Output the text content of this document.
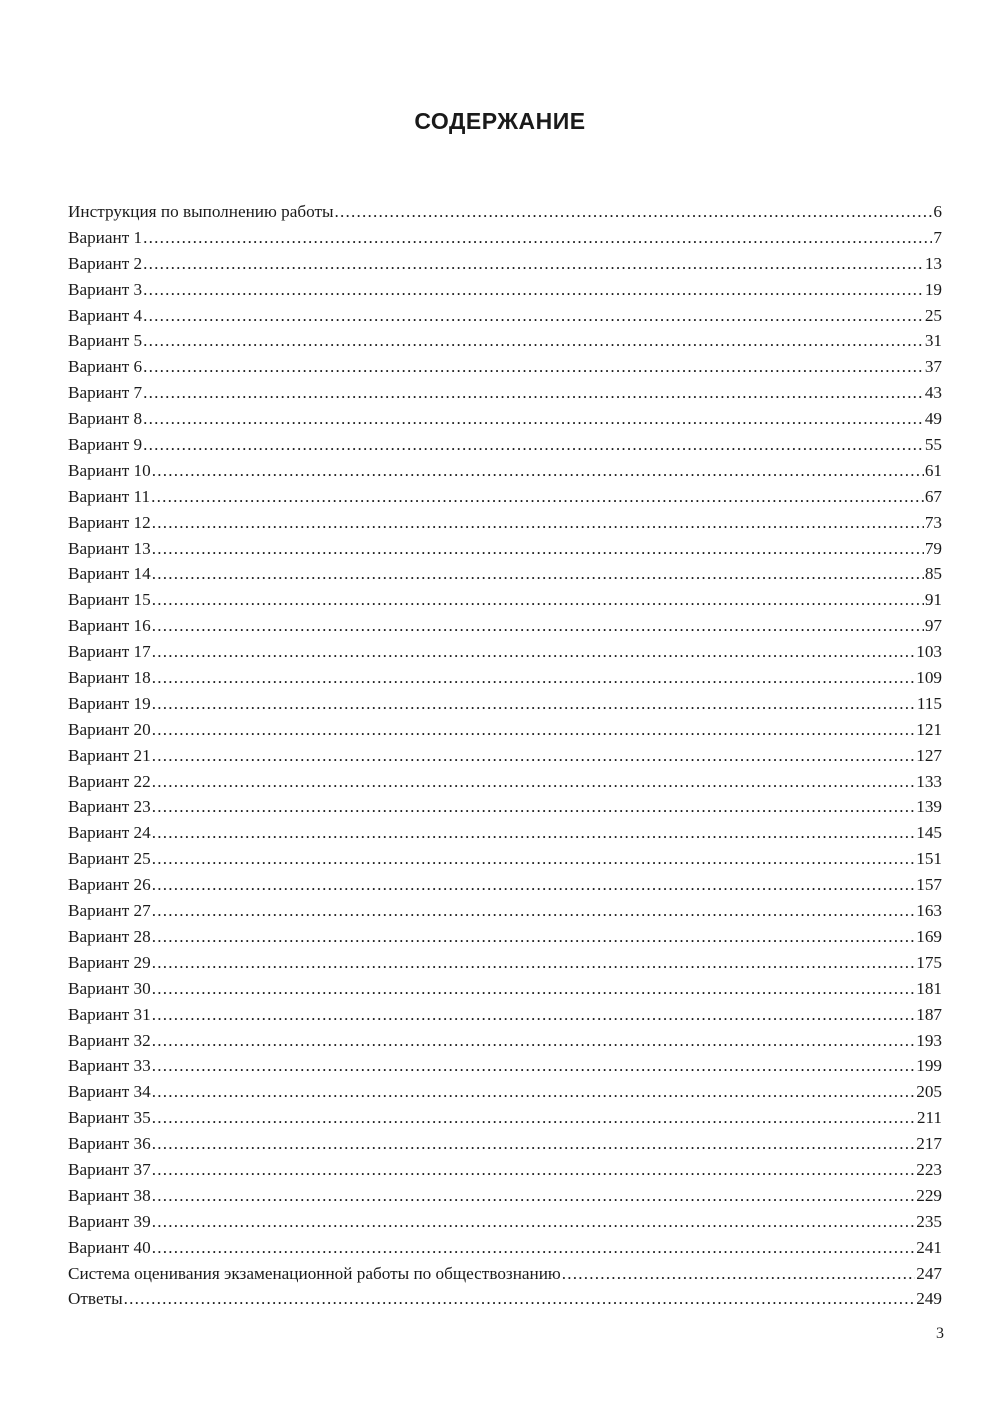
СОДЕРЖАНИЕ
Инструкция по выполнению работы .....	6
Вариант 1 .....	7
Вариант 2 .....	13
Вариант 3 .....	19
Вариант 4 .....	25
Вариант 5 .....	31
Вариант 6 .....	37
Вариант 7 .....	43
Вариант 8 .....	49
Вариант 9 .....	55
Вариант 10 .....	61
Вариант 11 .....	67
Вариант 12 .....	73
Вариант 13 .....	79
Вариант 14 .....	85
Вариант 15 .....	91
Вариант 16 .....	97
Вариант 17 .....	103
Вариант 18 .....	109
Вариант 19 .....	115
Вариант 20 .....	121
Вариант 21 .....	127
Вариант 22 .....	133
Вариант 23 .....	139
Вариант 24 .....	145
Вариант 25 .....	151
Вариант 26 .....	157
Вариант 27 .....	163
Вариант 28 .....	169
Вариант 29 .....	175
Вариант 30 .....	181
Вариант 31 .....	187
Вариант 32 .....	193
Вариант 33 .....	199
Вариант 34 .....	205
Вариант 35 .....	211
Вариант 36 .....	217
Вариант 37 .....	223
Вариант 38 .....	229
Вариант 39 .....	235
Вариант 40 .....	241
Система оценивания экзаменационной работы по обществознанию .....	247
Ответы .....	249

3
